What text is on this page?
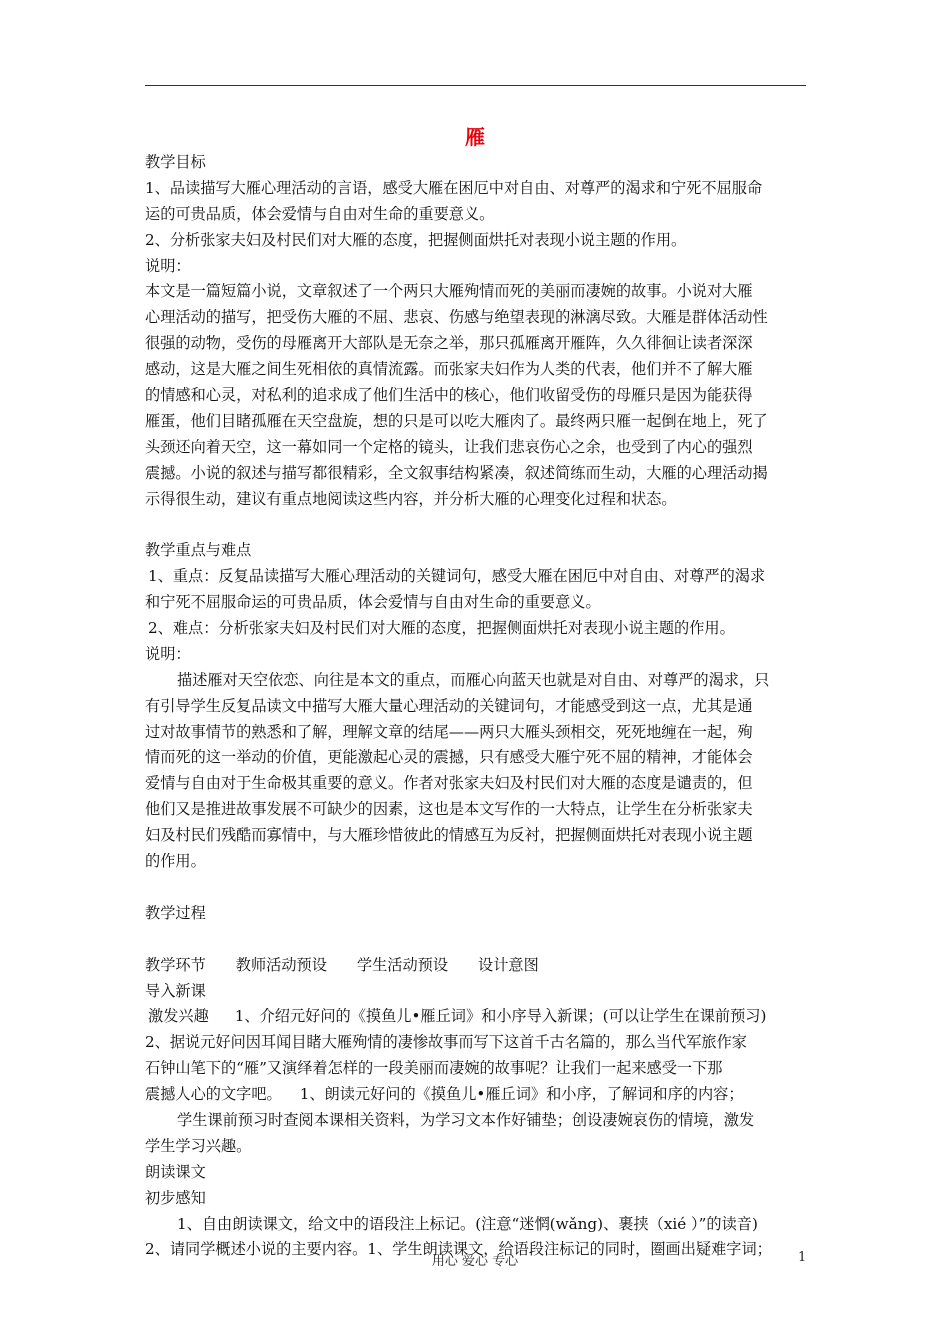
雁
教学目标
1、品读描写大雁心理活动的言语，感受大雁在困厄中对自由、对尊严的渴求和宁死不屈服命
运的可贵品质，体会爱情与自由对生命的重要意义。
2、分析张家夫妇及村民们对大雁的态度，把握侧面烘托对表现小说主题的作用。
说明：
本文是一篇短篇小说，文章叙述了一个两只大雁殉情而死的美丽而凄婉的故事。小说对大雁
心理活动的描写，把受伤大雁的不屈、悲哀、伤感与绝望表现的淋漓尽致。大雁是群体活动性
很强的动物，受伤的母雁离开大部队是无奈之举，那只孤雁离开雁阵，久久徘徊让读者深深
感动，这是大雁之间生死相依的真情流露。而张家夫妇作为人类的代表，他们并不了解大雁
的情感和心灵，对私利的追求成了他们生活中的核心，他们收留受伤的母雁只是因为能获得
雁蛋，他们目睹孤雁在天空盘旋，想的只是可以吃大雁肉了。最终两只雁一起倒在地上，死了
头颈还向着天空，这一幕如同一个定格的镜头，让我们悲哀伤心之余，也受到了内心的强烈
震撼。小说的叙述与描写都很精彩，全文叙事结构紧凑，叙述简练而生动，大雁的心理活动揭
示得很生动，建议有重点地阅读这些内容，并分析大雁的心理变化过程和状态。
教学重点与难点
1、重点：反复品读描写大雁心理活动的关键词句，感受大雁在困厄中对自由、对尊严的渴求
和宁死不屈服命运的可贵品质，体会爱情与自由对生命的重要意义。
2、难点：分析张家夫妇及村民们对大雁的态度，把握侧面烘托对表现小说主题的作用。
说明：
描述雁对天空依恋、向往是本文的重点，而雁心向蓝天也就是对自由、对尊严的渴求，只
有引导学生反复品读文中描写大雁大量心理活动的关键词句，才能感受到这一点，尤其是通
过对故事情节的熟悉和了解，理解文章的结尾——两只大雁头颈相交，死死地缠在一起，殉
情而死的这一举动的价值，更能激起心灵的震撼，只有感受大雁宁死不屈的精神，才能体会
爱情与自由对于生命极其重要的意义。作者对张家夫妇及村民们对大雁的态度是谴责的，但
他们又是推进故事发展不可缺少的因素，这也是本文写作的一大特点，让学生在分析张家夫
妇及村民们残酷而寡情中，与大雁珍惜彼此的情感互为反衬，把握侧面烘托对表现小说主题
的作用。
教学过程
教学环节 教师活动预设 学生活动预设 设计意图
导入新课
激发兴趣 1、介绍元好问的《摸鱼儿•雁丘词》和小序导入新课；(可以让学生在课前预习)
2、据说元好问因耳闻目睹大雁殉情的凄惨故事而写下这首千古名篇的，那么当代军旅作家
石钟山笔下的“雁”又演绎着怎样的一段美丽而凄婉的故事呢？让我们一起来感受一下那
震撼人心的文字吧。 1、朗读元好问的《摸鱼儿•雁丘词》和小序，了解词和序的内容；
学生课前预习时查阅本课相关资料，为学习文本作好铺垫；创设凄婉哀伤的情境，激发
学生学习兴趣。
朗读课文
初步感知
1、自由朗读课文，给文中的语段注上标记。(注意“迷惘(wǎng)、裹挟（xié ）”的读音)
2、请同学概述小说的主要内容。1、学生朗读课文，给语段注标记的同时，圈画出疑难字词；
用心 爱心 专心	1
